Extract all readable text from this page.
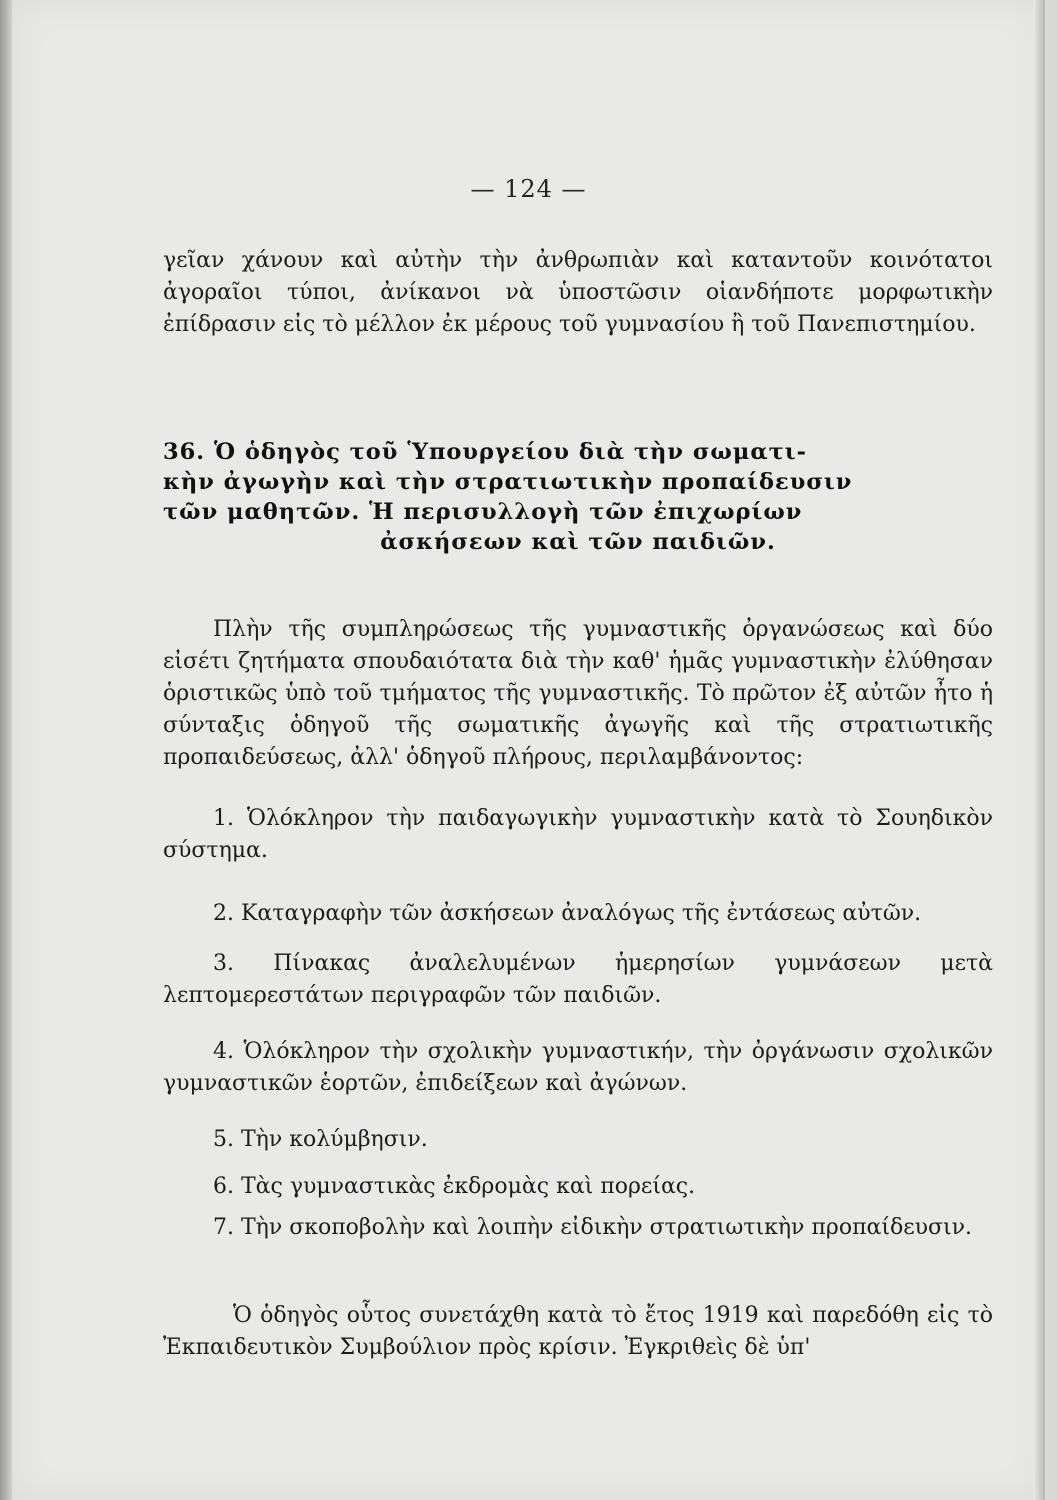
— 124 —
γεῖαν χάνουν καὶ αὐτὴν τὴν ἀνθρωπιὰν καὶ καταντοῦν κοινότατοι ἀγοραῖοι τύποι, ἀνίκανοι νὰ ὑποστῶσιν οἱανδήποτε μορφωτικὴν ἐπίδρασιν εἰς τὸ μέλλον ἐκ μέρους τοῦ γυμνασίου ἢ τοῦ Πανεπιστημίου.
36. Ὁ ὁδηγὸς τοῦ Ὑπουργείου διὰ τὴν σωματι-
κὴν ἀγωγὴν καὶ τὴν στρατιωτικὴν προπαίδευσιν
τῶν μαθητῶν. Ἡ περισυλλογὴ τῶν ἐπιχωρίων
ἀσκήσεων καὶ τῶν παιδιῶν.
Πλὴν τῆς συμπληρώσεως τῆς γυμναστικῆς ὀργανώσεως καὶ δύο εἰσέτι ζητήματα σπουδαιότατα διὰ τὴν καθ' ἡμᾶς γυμναστικὴν ἐλύθησαν ὁριστικῶς ὑπὸ τοῦ τμήματος τῆς γυμναστικῆς. Τὸ πρῶτον ἐξ αὐτῶν ἦτο ἡ σύνταξις ὁδηγοῦ τῆς σωματικῆς ἀγωγῆς καὶ τῆς στρατιωτικῆς προπαιδεύσεως, ἀλλ' ὁδηγοῦ πλήρους, περιλαμβάνοντος:
1. Ὁλόκληρον τὴν παιδαγωγικὴν γυμναστικὴν κατὰ τὸ Σουηδικὸν σύστημα.
2. Καταγραφὴν τῶν ἀσκήσεων ἀναλόγως τῆς ἐντάσεως αὐτῶν.
3. Πίνακας ἀναλελυμένων ἡμερησίων γυμνάσεων μετὰ λεπτομερεστάτων περιγραφῶν τῶν παιδιῶν.
4. Ὁλόκληρον τὴν σχολικὴν γυμναστικήν, τὴν ὀργάνωσιν σχολικῶν γυμναστικῶν ἑορτῶν, ἐπιδείξεων καὶ ἀγώνων.
5. Τὴν κολύμβησιν.
6. Τὰς γυμναστικὰς ἐκδρομὰς καὶ πορείας.
7. Τὴν σκοποβολὴν καὶ λοιπὴν εἰδικὴν στρατιωτικὴν προπαίδευσιν.
Ὁ ὁδηγὸς οὗτος συνετάχθη κατὰ τὸ ἔτος 1919 καὶ παρεδόθη εἰς τὸ Ἐκπαιδευτικὸν Συμβούλιον πρὸς κρίσιν. Ἐγκριθεὶς δὲ ὑπ'
